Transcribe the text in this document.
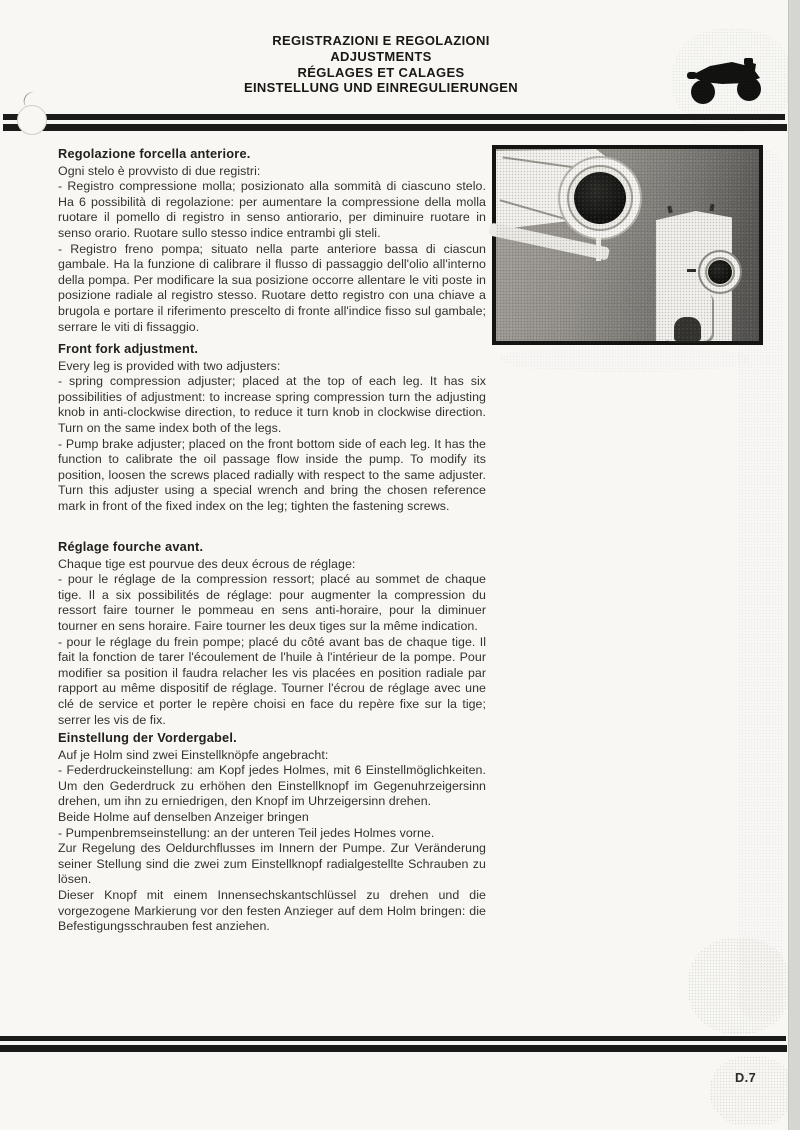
REGISTRAZIONI E REGOLAZIONI
ADJUSTMENTS
RÉGLAGES ET CALAGES
EINSTELLUNG UND EINREGULIERUNGEN
Regolazione forcella anteriore.

Ogni stelo è provvisto di due registri:

- Registro compressione molla; posizionato alla sommità di ciascuno stelo. Ha 6 possibilità di regolazione: per aumentare la compressione della molla ruotare il pomello di registro in senso antiorario, per diminuire ruotare in senso orario. Ruotare sullo stesso indice entrambi gli steli.

- Registro freno pompa; situato nella parte anteriore bassa di ciascun gambale. Ha la funzione di calibrare il flusso di passaggio dell'olio all'interno della pompa. Per modificare la sua posizione occorre allentare le viti poste in posizione radiale al registro stesso. Ruotare detto registro con una chiave a brugola e portare il riferimento prescelto di fronte all'indice fisso sul gambale; serrare le viti di fissaggio.

Front fork adjustment.

Every leg is provided with two adjusters:

- spring compression adjuster; placed at the top of each leg. It has six possibilities of adjustment: to increase spring compression turn the adjusting knob in anti-clockwise direction, to reduce it turn knob in clockwise direction. Turn on the same index both of the legs.

- Pump brake adjuster; placed on the front bottom side of each leg. It has the function to calibrate the oil passage flow inside the pump. To modify its position, loosen the screws placed radially with respect to the same adjuster. Turn this adjuster using a special wrench and bring the chosen reference mark in front of the fixed index on the leg; tighten the fastening screws.

Réglage fourche avant.

Chaque tige est pourvue des deux écrous de réglage:

- pour le réglage de la compression ressort; placé au sommet de chaque tige. Il a six possibilités de réglage: pour augmenter la compression du ressort faire tourner le pommeau en sens anti-horaire, pour la diminuer tourner en sens horaire. Faire tourner les deux tiges sur la même indication.

- pour le réglage du frein pompe; placé du côté avant bas de chaque tige. Il fait la fonction de tarer l'écoulement de l'huile à l'intérieur de la pompe. Pour modifier sa position il faudra relacher les vis placées en position radiale par rapport au même dispositif de réglage. Tourner l'écrou de réglage avec une clé de service et porter le repère choisi en face du repère fixe sur la tige; serrer les vis de fix.

Einstellung der Vordergabel.

Auf je Holm sind zwei Einstellknöpfe angebracht:

- Federdruckeinstellung: am Kopf jedes Holmes, mit 6 Einstellmöglichkeiten. Um den Gederdruck zu erhöhen den Einstellknopf im Gegenuhrzeigersinn drehen, um ihn zu erniedrigen, den Knopf im Uhrzeigersinn drehen.

Beide Holme auf denselben Anzeiger bringen

- Pumpenbremseinstellung: an der unteren Teil jedes Holmes vorne.

Zur Regelung des Oeldurchflusses im Innern der Pumpe. Zur Veränderung seiner Stellung sind die zwei zum Einstellknopf radialgestellte Schrauben zu lösen.

Dieser Knopf mit einem Innensechskantschlüssel zu drehen und die vorgezogene Markierung vor den festen Anzieger auf dem Holm bringen: die Befestigungsschrauben fest anziehen.

D.7
